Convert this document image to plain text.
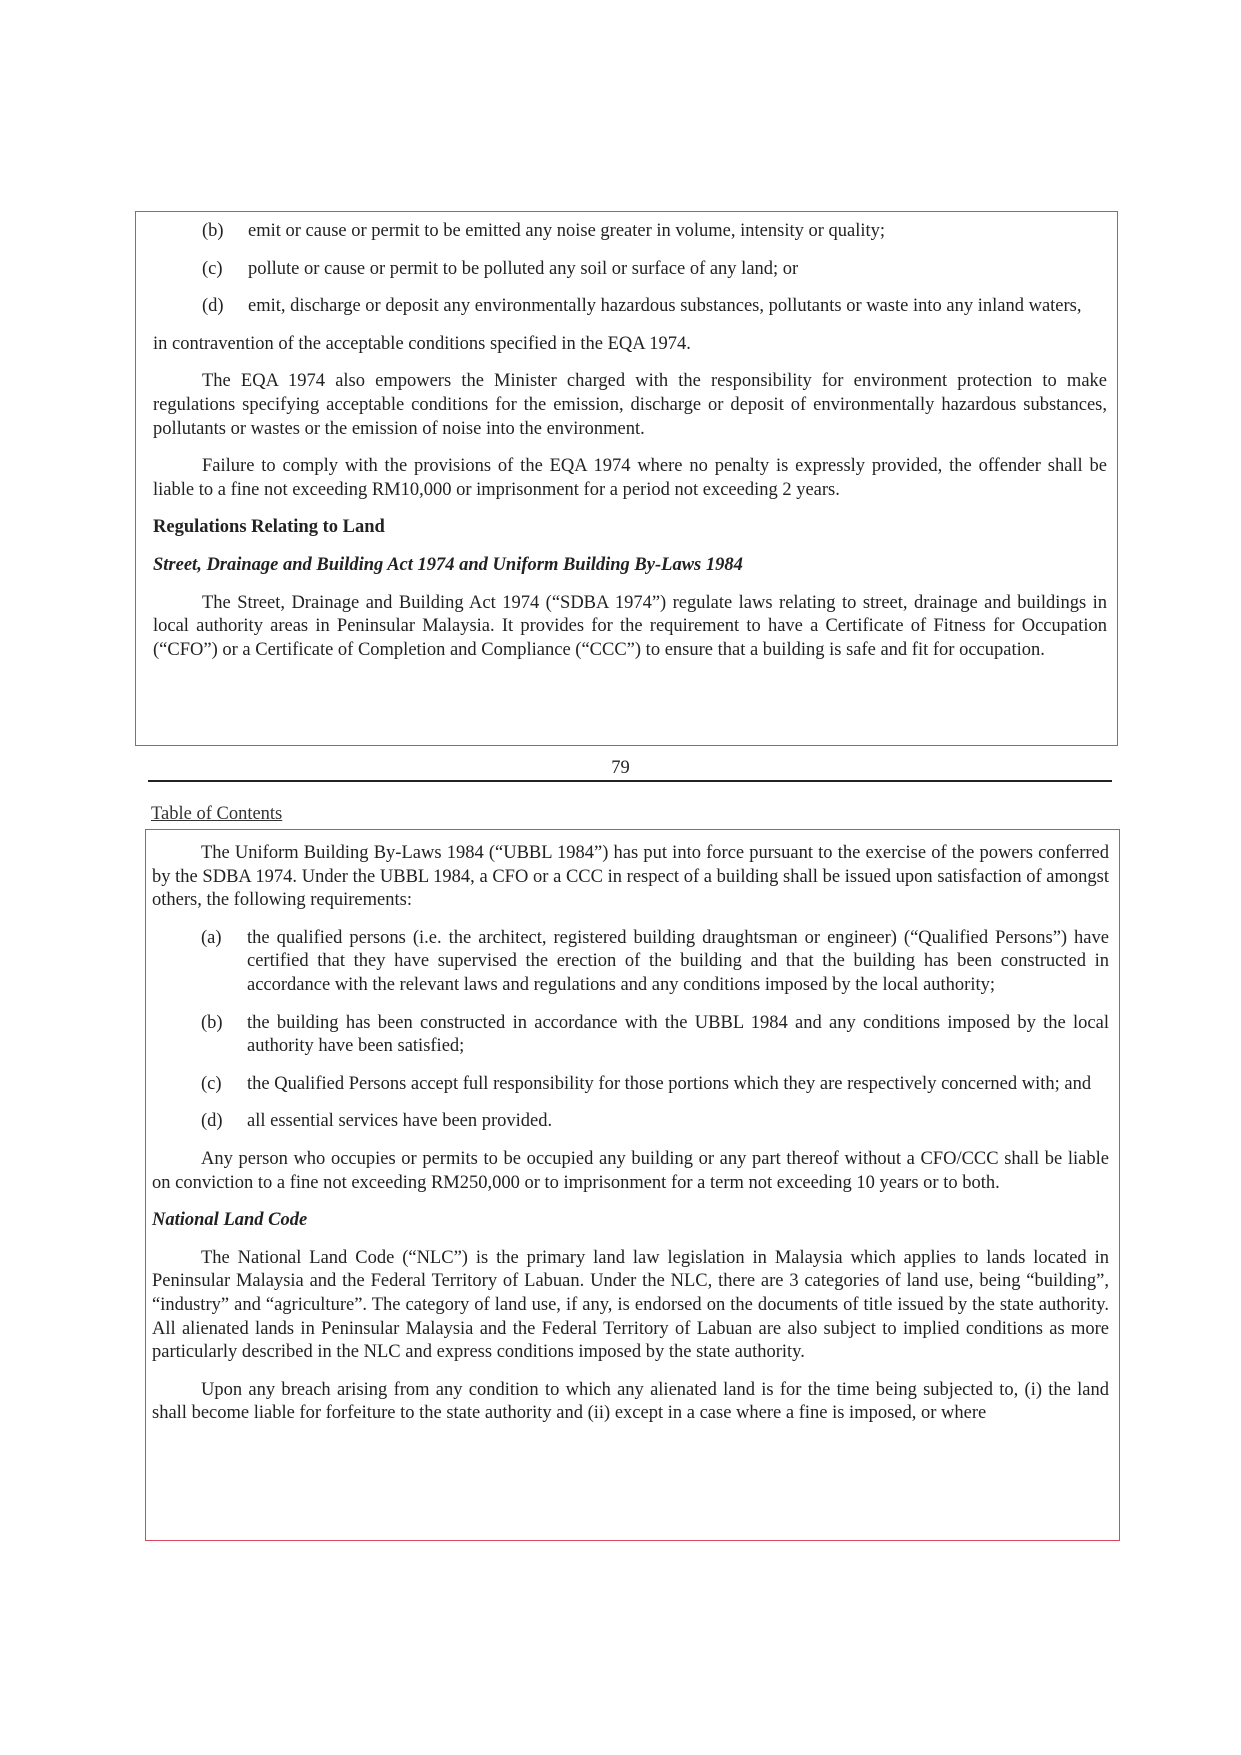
(b)	emit or cause or permit to be emitted any noise greater in volume, intensity or quality;
(c)	pollute or cause or permit to be polluted any soil or surface of any land; or
(d)	emit, discharge or deposit any environmentally hazardous substances, pollutants or waste into any inland waters,

in contravention of the acceptable conditions specified in the EQA 1974.

The EQA 1974 also empowers the Minister charged with the responsibility for environment protection to make regulations specifying acceptable conditions for the emission, discharge or deposit of environmentally hazardous substances, pollutants or wastes or the emission of noise into the environment.

Failure to comply with the provisions of the EQA 1974 where no penalty is expressly provided, the offender shall be liable to a fine not exceeding RM10,000 or imprisonment for a period not exceeding 2 years.

Regulations Relating to Land
Street, Drainage and Building Act 1974 and Uniform Building By-Laws 1984

The Street, Drainage and Building Act 1974 (“SDBA 1974”) regulate laws relating to street, drainage and buildings in local authority areas in Peninsular Malaysia. It provides for the requirement to have a Certificate of Fitness for Occupation (“CFO”) or a Certificate of Completion and Compliance (“CCC”) to ensure that a building is safe and fit for occupation.

79
Table of Contents

The Uniform Building By-Laws 1984 (“UBBL 1984”) has put into force pursuant to the exercise of the powers conferred by the SDBA 1974. Under the UBBL 1984, a CFO or a CCC in respect of a building shall be issued upon satisfaction of amongst others, the following requirements:

(a)	the qualified persons (i.e. the architect, registered building draughtsman or engineer) (“Qualified Persons”) have certified that they have supervised the erection of the building and that the building has been constructed in accordance with the relevant laws and regulations and any conditions imposed by the local authority;
(b)	the building has been constructed in accordance with the UBBL 1984 and any conditions imposed by the local authority have been satisfied;
(c)	the Qualified Persons accept full responsibility for those portions which they are respectively concerned with; and
(d)	all essential services have been provided.

Any person who occupies or permits to be occupied any building or any part thereof without a CFO/CCC shall be liable on conviction to a fine not exceeding RM250,000 or to imprisonment for a term not exceeding 10 years or to both.

National Land Code

The National Land Code (“NLC”) is the primary land law legislation in Malaysia which applies to lands located in Peninsular Malaysia and the Federal Territory of Labuan. Under the NLC, there are 3 categories of land use, being “building”, “industry” and “agriculture”. The category of land use, if any, is endorsed on the documents of title issued by the state authority. All alienated lands in Peninsular Malaysia and the Federal Territory of Labuan are also subject to implied conditions as more particularly described in the NLC and express conditions imposed by the state authority.

Upon any breach arising from any condition to which any alienated land is for the time being subjected to, (i) the land shall become liable for forfeiture to the state authority and (ii) except in a case where a fine is imposed, or where
